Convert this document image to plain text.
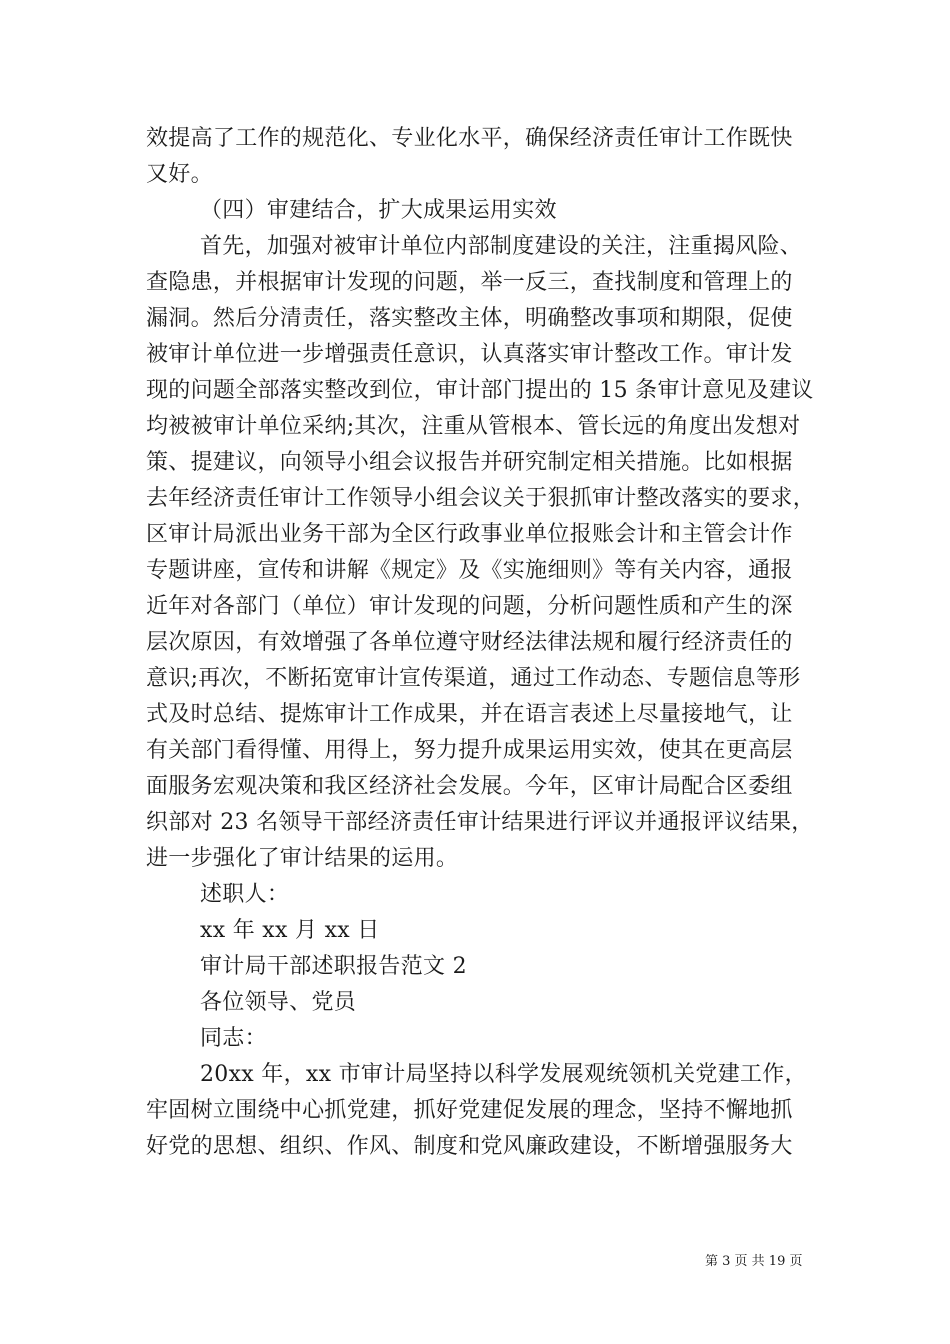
效提高了工作的规范化、专业化水平，确保经济责任审计工作既快
又好。
（四）审建结合，扩大成果运用实效
首先，加强对被审计单位内部制度建设的关注，注重揭风险、
查隐患，并根据审计发现的问题，举一反三，查找制度和管理上的
漏洞。然后分清责任，落实整改主体，明确整改事项和期限，促使
被审计单位进一步增强责任意识，认真落实审计整改工作。审计发
现的问题全部落实整改到位，审计部门提出的 15 条审计意见及建议
均被被审计单位采纳;其次，注重从管根本、管长远的角度出发想对
策、提建议，向领导小组会议报告并研究制定相关措施。比如根据
去年经济责任审计工作领导小组会议关于狠抓审计整改落实的要求，
区审计局派出业务干部为全区行政事业单位报账会计和主管会计作
专题讲座，宣传和讲解《规定》及《实施细则》等有关内容，通报
近年对各部门（单位）审计发现的问题，分析问题性质和产生的深
层次原因，有效增强了各单位遵守财经法律法规和履行经济责任的
意识;再次，不断拓宽审计宣传渠道，通过工作动态、专题信息等形
式及时总结、提炼审计工作成果，并在语言表述上尽量接地气，让
有关部门看得懂、用得上，努力提升成果运用实效，使其在更高层
面服务宏观决策和我区经济社会发展。今年，区审计局配合区委组
织部对 23 名领导干部经济责任审计结果进行评议并通报评议结果，
进一步强化了审计结果的运用。
述职人：
xx 年 xx 月 xx 日
审计局干部述职报告范文 2
各位领导、党员
同志：
20xx 年，xx 市审计局坚持以科学发展观统领机关党建工作，
牢固树立围绕中心抓党建，抓好党建促发展的理念，坚持不懈地抓
好党的思想、组织、作风、制度和党风廉政建设，不断增强服务大
第 3 页 共 19 页
